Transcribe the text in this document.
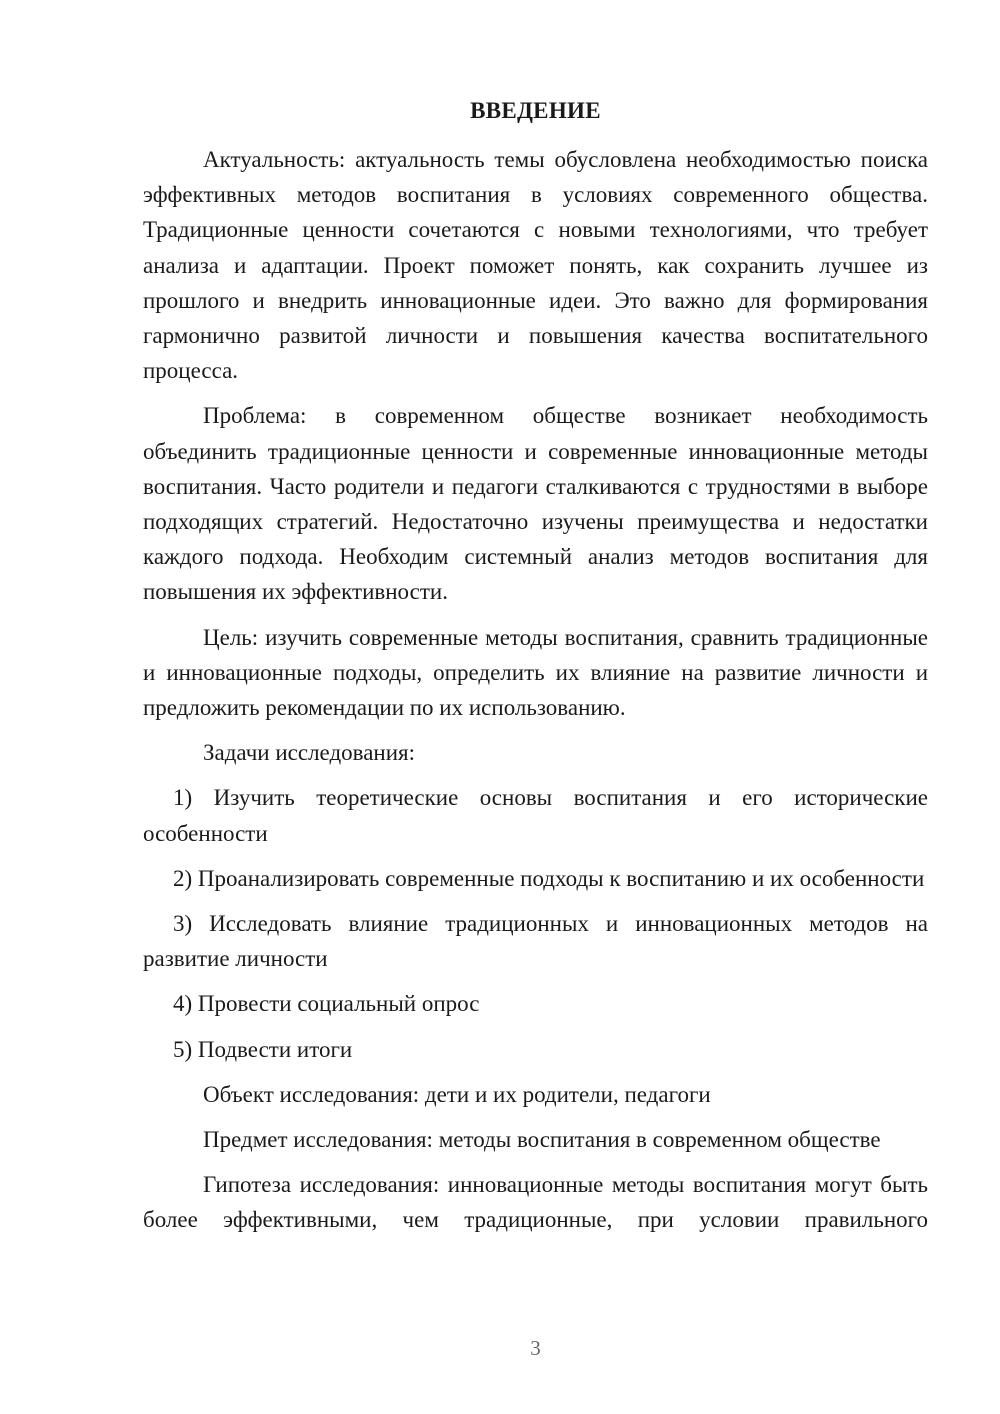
ВВЕДЕНИЕ

Актуальность: актуальность темы обусловлена необходимостью поиска эффективных методов воспитания в условиях современного общества. Традиционные ценности сочетаются с новыми технологиями, что требует анализа и адаптации. Проект поможет понять, как сохранить лучшее из прошлого и внедрить инновационные идеи. Это важно для формирования гармонично развитой личности и повышения качества воспитательного процесса.

Проблема: в современном обществе возникает необходимость объединить традиционные ценности и современные инновационные методы воспитания. Часто родители и педагоги сталкиваются с трудностями в выборе подходящих стратегий. Недостаточно изучены преимущества и недостатки каждого подхода. Необходим системный анализ методов воспитания для повышения их эффективности.

Цель: изучить современные методы воспитания, сравнить традиционные и инновационные подходы, определить их влияние на развитие личности и предложить рекомендации по их использованию.

Задачи исследования:

1) Изучить теоретические основы воспитания и его исторические особенности

2) Проанализировать современные подходы к воспитанию и их особенности

3) Исследовать влияние традиционных и инновационных методов на развитие личности

4) Провести социальный опрос

5) Подвести итоги

Объект исследования: дети и их родители, педагоги

Предмет исследования: методы воспитания в современном обществе

Гипотеза исследования: инновационные методы воспитания могут быть более эффективными, чем традиционные, при условии правильного

3
